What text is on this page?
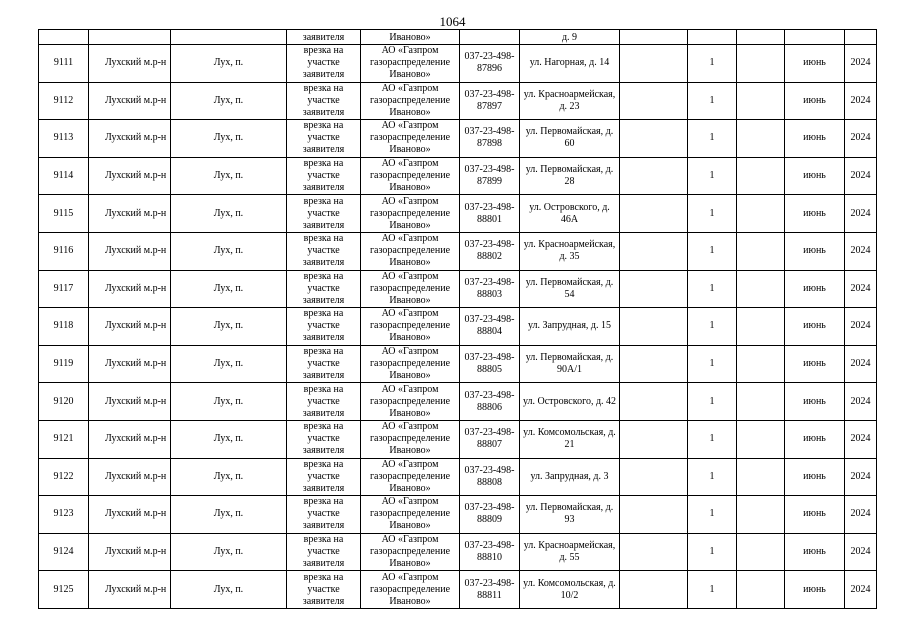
1064
			заявителя	Иваново»		д. 9					
9111	Лухский м.р-н	Лух, п.	врезка на участке заявителя	АО «Газпром газораспределение Иваново»	037-23-498-87896	ул. Нагорная, д. 14		1		июнь	2024
9112	Лухский м.р-н	Лух, п.	врезка на участке заявителя	АО «Газпром газораспределение Иваново»	037-23-498-87897	ул. Красноармейская, д. 23		1		июнь	2024
9113	Лухский м.р-н	Лух, п.	врезка на участке заявителя	АО «Газпром газораспределение Иваново»	037-23-498-87898	ул. Первомайская, д. 60		1		июнь	2024
9114	Лухский м.р-н	Лух, п.	врезка на участке заявителя	АО «Газпром газораспределение Иваново»	037-23-498-87899	ул. Первомайская, д. 28		1		июнь	2024
9115	Лухский м.р-н	Лух, п.	врезка на участке заявителя	АО «Газпром газораспределение Иваново»	037-23-498-88801	ул. Островского, д. 46А		1		июнь	2024
9116	Лухский м.р-н	Лух, п.	врезка на участке заявителя	АО «Газпром газораспределение Иваново»	037-23-498-88802	ул. Красноармейская, д. 35		1		июнь	2024
9117	Лухский м.р-н	Лух, п.	врезка на участке заявителя	АО «Газпром газораспределение Иваново»	037-23-498-88803	ул. Первомайская, д. 54		1		июнь	2024
9118	Лухский м.р-н	Лух, п.	врезка на участке заявителя	АО «Газпром газораспределение Иваново»	037-23-498-88804	ул. Запрудная, д. 15		1		июнь	2024
9119	Лухский м.р-н	Лух, п.	врезка на участке заявителя	АО «Газпром газораспределение Иваново»	037-23-498-88805	ул. Первомайская, д. 90А/1		1		июнь	2024
9120	Лухский м.р-н	Лух, п.	врезка на участке заявителя	АО «Газпром газораспределение Иваново»	037-23-498-88806	ул. Островского, д. 42		1		июнь	2024
9121	Лухский м.р-н	Лух, п.	врезка на участке заявителя	АО «Газпром газораспределение Иваново»	037-23-498-88807	ул. Комсомольская, д. 21		1		июнь	2024
9122	Лухский м.р-н	Лух, п.	врезка на участке заявителя	АО «Газпром газораспределение Иваново»	037-23-498-88808	ул. Запрудная, д. 3		1		июнь	2024
9123	Лухский м.р-н	Лух, п.	врезка на участке заявителя	АО «Газпром газораспределение Иваново»	037-23-498-88809	ул. Первомайская, д. 93		1		июнь	2024
9124	Лухский м.р-н	Лух, п.	врезка на участке заявителя	АО «Газпром газораспределение Иваново»	037-23-498-88810	ул. Красноармейская, д. 55		1		июнь	2024
9125	Лухский м.р-н	Лух, п.	врезка на участке заявителя	АО «Газпром газораспределение Иваново»	037-23-498-88811	ул. Комсомольская, д. 10/2		1		июнь	2024
